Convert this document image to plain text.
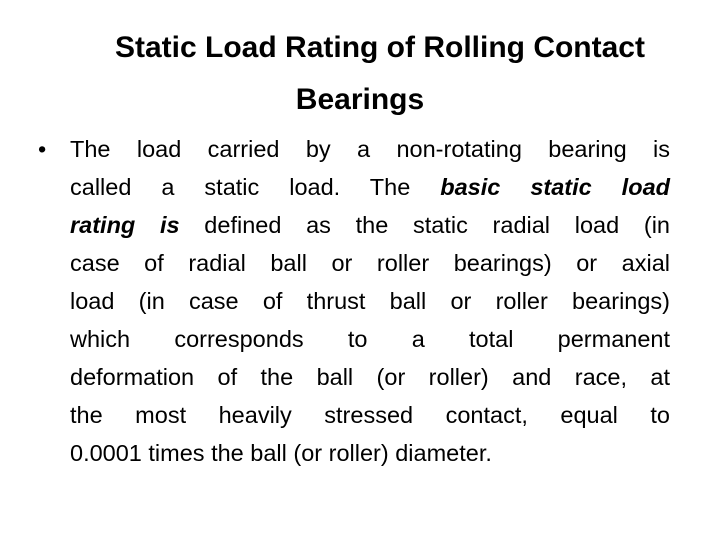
Static Load Rating of Rolling Contact
Bearings
• The load carried by a non-rotating bearing is
called a static load. The basic static load
rating is defined as the static radial load (in
case of radial ball or roller bearings) or axial
load (in case of thrust ball or roller bearings)
which corresponds to a total permanent
deformation of the ball (or roller) and race, at
the most heavily stressed contact, equal to
0.0001 times the ball (or roller) diameter.
